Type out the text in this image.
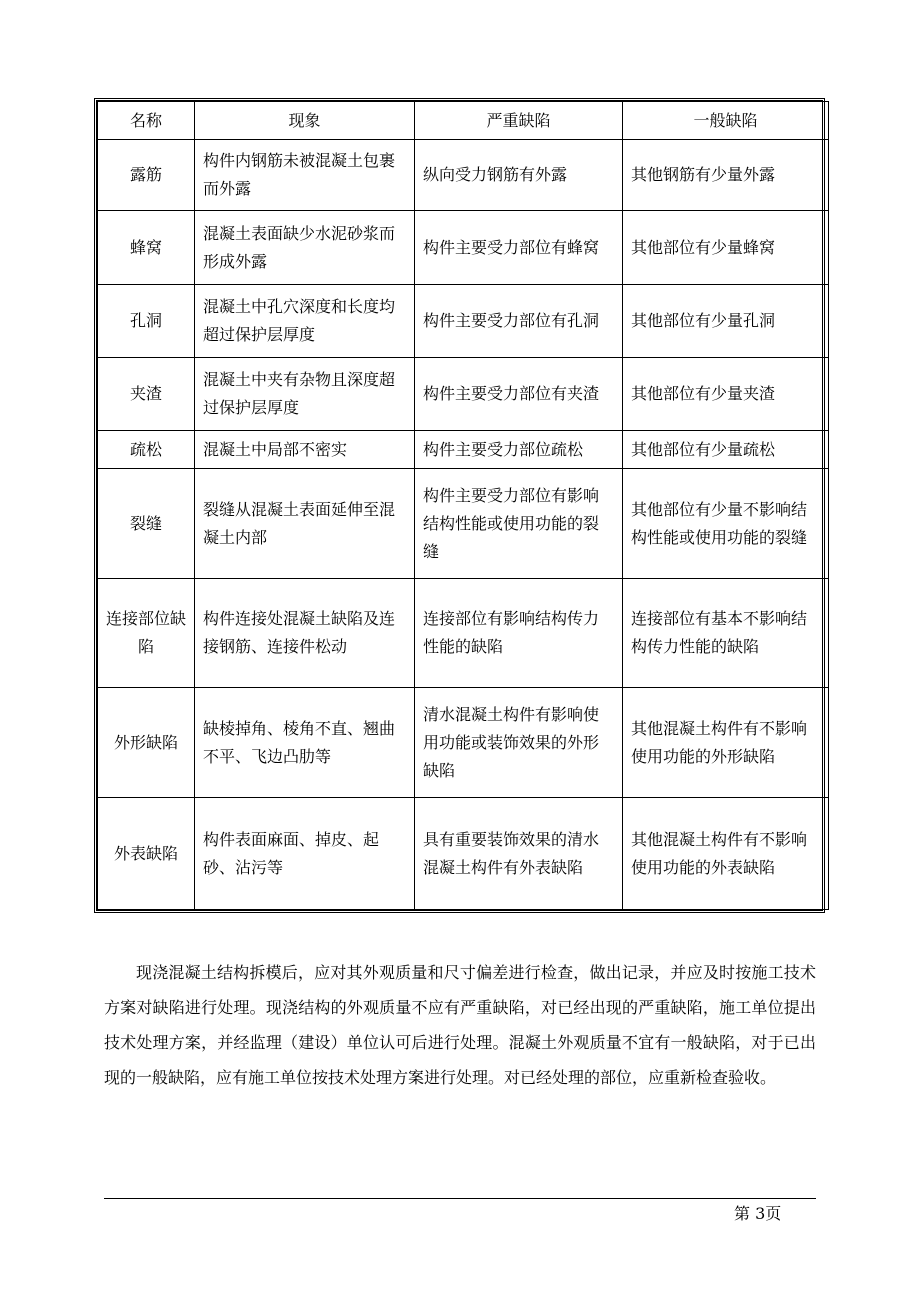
名称	现象	严重缺陷	一般缺陷
露筋	构件内钢筋未被混凝土包裹而外露	纵向受力钢筋有外露	其他钢筋有少量外露
蜂窝	混凝土表面缺少水泥砂浆而形成外露	构件主要受力部位有蜂窝	其他部位有少量蜂窝
孔洞	混凝土中孔穴深度和长度均超过保护层厚度	构件主要受力部位有孔洞	其他部位有少量孔洞
夹渣	混凝土中夹有杂物且深度超过保护层厚度	构件主要受力部位有夹渣	其他部位有少量夹渣
疏松	混凝土中局部不密实	构件主要受力部位疏松	其他部位有少量疏松
裂缝	裂缝从混凝土表面延伸至混凝土内部	构件主要受力部位有影响结构性能或使用功能的裂缝	其他部位有少量不影响结构性能或使用功能的裂缝
连接部位缺陷	构件连接处混凝土缺陷及连接钢筋、连接件松动	连接部位有影响结构传力性能的缺陷	连接部位有基本不影响结构传力性能的缺陷
外形缺陷	缺棱掉角、棱角不直、翘曲不平、飞边凸肋等	清水混凝土构件有影响使用功能或装饰效果的外形缺陷	其他混凝土构件有不影响使用功能的外形缺陷
外表缺陷	构件表面麻面、掉皮、起砂、沾污等	具有重要装饰效果的清水混凝土构件有外表缺陷	其他混凝土构件有不影响使用功能的外表缺陷

现浇混凝土结构拆模后，应对其外观质量和尺寸偏差进行检查，做出记录，并应及时按施工技术方案对缺陷进行处理。现浇结构的外观质量不应有严重缺陷，对已经出现的严重缺陷，施工单位提出技术处理方案，并经监理（建设）单位认可后进行处理。混凝土外观质量不宜有一般缺陷，对于已出现的一般缺陷，应有施工单位按技术处理方案进行处理。对已经处理的部位，应重新检查验收。

第 3页
